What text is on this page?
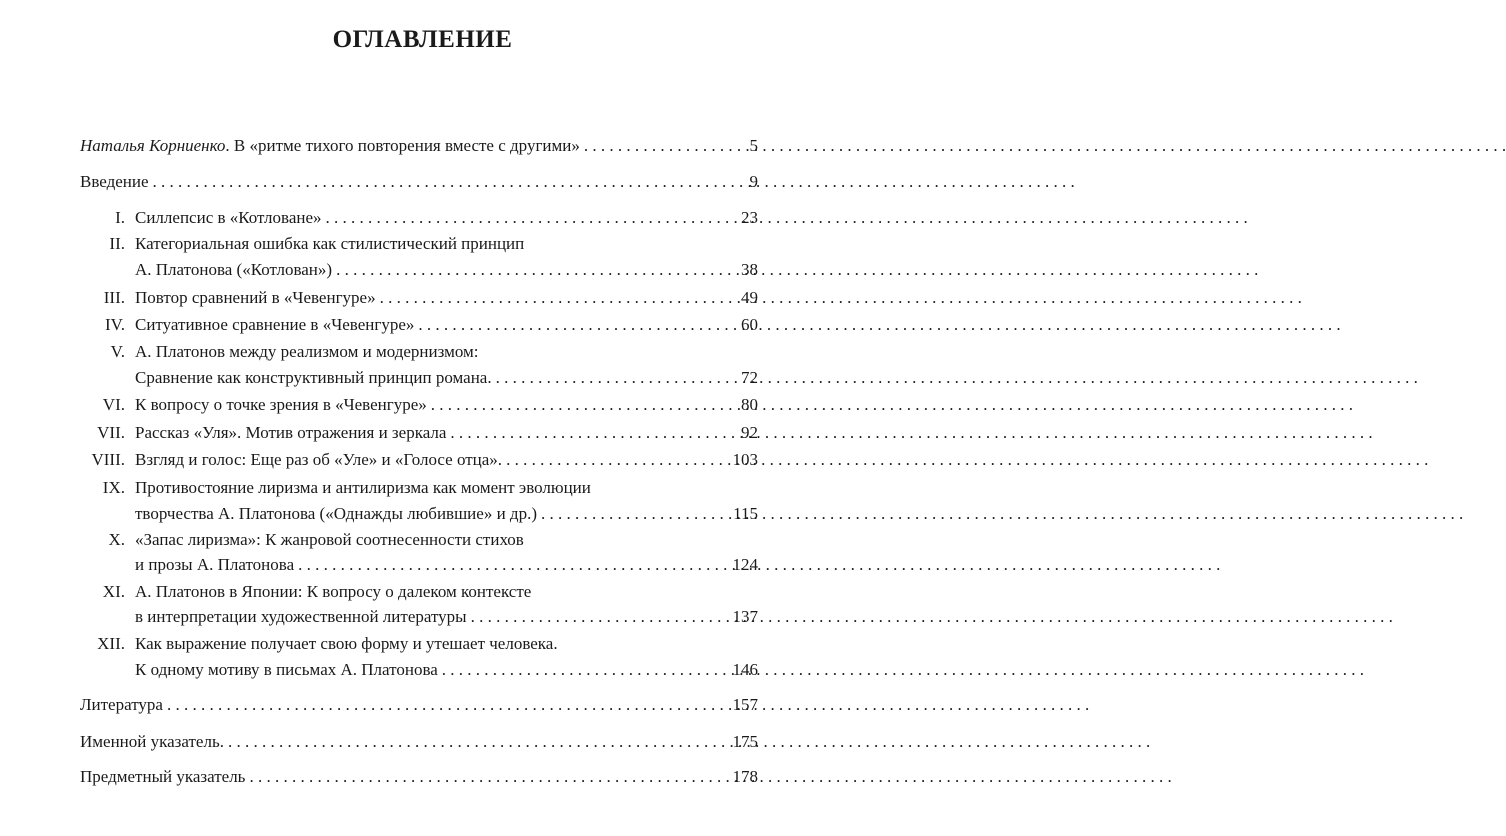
ОГЛАВЛЕНИЕ
Наталья Корниенко. В «ритме тихого повторения вместе с другими» . . .	5
Введение . . .	9
I. Силлепсис в «Котловане» . . .	23
II. Категориальная ошибка как стилистический принцип
А. Платонова («Котлован») . . .	38
III. Повтор сравнений в «Чевенгуре» . . .	49
IV. Ситуативное сравнение в «Чевенгуре» . . .	60
V. А. Платонов между реализмом и модернизмом:
Сравнение как конструктивный принцип романа. . . .	72
VI. К вопросу о точке зрения в «Чевенгуре» . . .	80
VII. Рассказ «Уля». Мотив отражения и зеркала . . .	92
VIII. Взгляд и голос: Еще раз об «Уле» и «Голосе отца». . . .	103
IX. Противостояние лиризма и антилиризма как момент эволюции
творчества А. Платонова («Однажды любившие» и др.) . . .	115
X. «Запас лиризма»: К жанровой соотнесенности стихов
и прозы А. Платонова . . .	124
XI. А. Платонов в Японии: К вопросу о далеком контексте
в интерпретации художественной литературы . . .	137
XII. Как выражение получает свою форму и утешает человека.
К одному мотиву в письмах А. Платонова . . .	146
Литература . . .	157
Именной указатель. . . .	175
Предметный указатель . . .	178
